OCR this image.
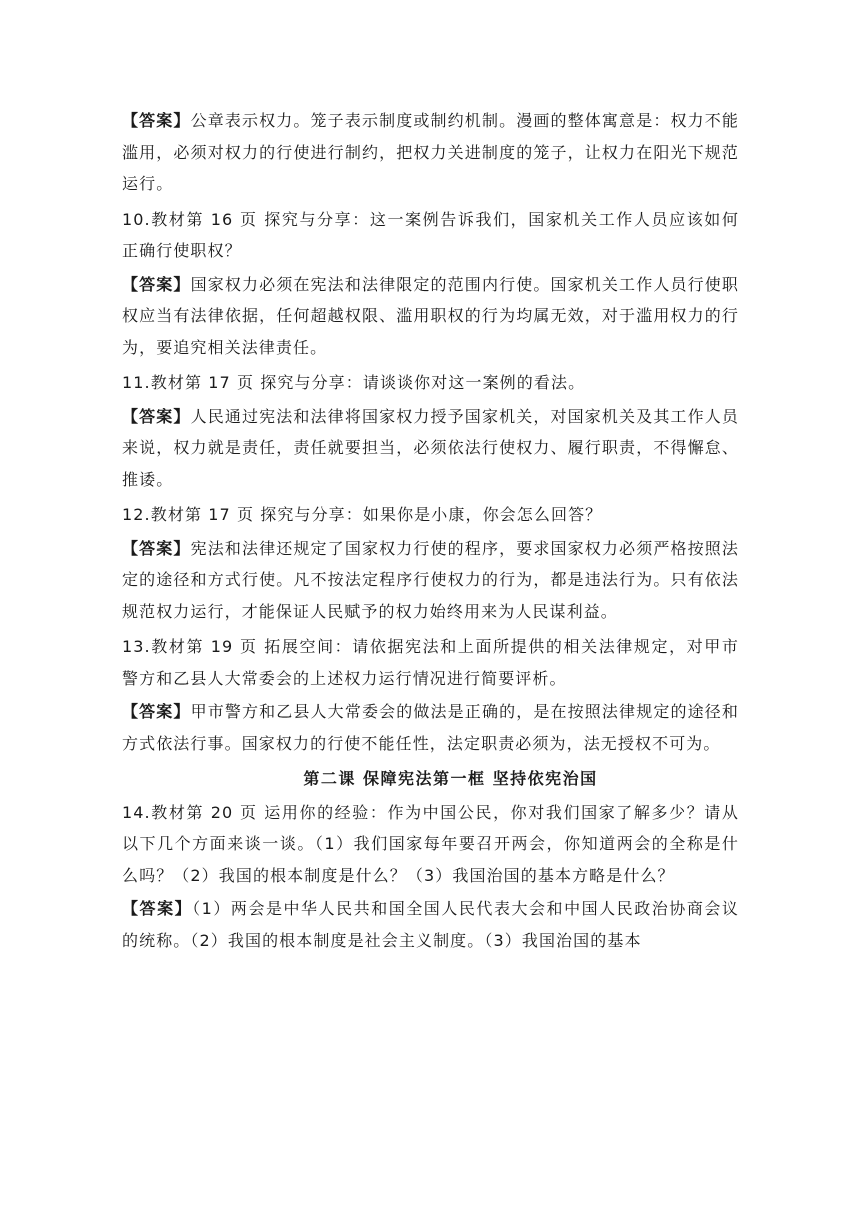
【答案】公章表示权力。笼子表示制度或制约机制。漫画的整体寓意是：权力不能滥用，必须对权力的行使进行制约，把权力关进制度的笼子，让权力在阳光下规范运行。

10.教材第 16 页 探究与分享：这一案例告诉我们，国家机关工作人员应该如何正确行使职权？

【答案】国家权力必须在宪法和法律限定的范围内行使。国家机关工作人员行使职权应当有法律依据，任何超越权限、滥用职权的行为均属无效，对于滥用权力的行为，要追究相关法律责任。

11.教材第 17 页 探究与分享：请谈谈你对这一案例的看法。

【答案】人民通过宪法和法律将国家权力授予国家机关，对国家机关及其工作人员来说，权力就是责任，责任就要担当，必须依法行使权力、履行职责，不得懈怠、推诿。

12.教材第 17 页 探究与分享：如果你是小康，你会怎么回答？

【答案】宪法和法律还规定了国家权力行使的程序，要求国家权力必须严格按照法定的途径和方式行使。凡不按法定程序行使权力的行为，都是违法行为。只有依法规范权力运行，才能保证人民赋予的权力始终用来为人民谋利益。

13.教材第 19 页 拓展空间：请依据宪法和上面所提供的相关法律规定，对甲市警方和乙县人大常委会的上述权力运行情况进行简要评析。

【答案】甲市警方和乙县人大常委会的做法是正确的，是在按照法律规定的途径和方式依法行事。国家权力的行使不能任性，法定职责必须为，法无授权不可为。

第二课 保障宪法第一框 坚持依宪治国

14.教材第 20 页 运用你的经验：作为中国公民，你对我们国家了解多少？请从以下几个方面来谈一谈。（1）我们国家每年要召开两会，你知道两会的全称是什么吗？（2）我国的根本制度是什么？（3）我国治国的基本方略是什么？

【答案】（1）两会是中华人民共和国全国人民代表大会和中国人民政治协商会议的统称。（2）我国的根本制度是社会主义制度。（3）我国治国的基本
